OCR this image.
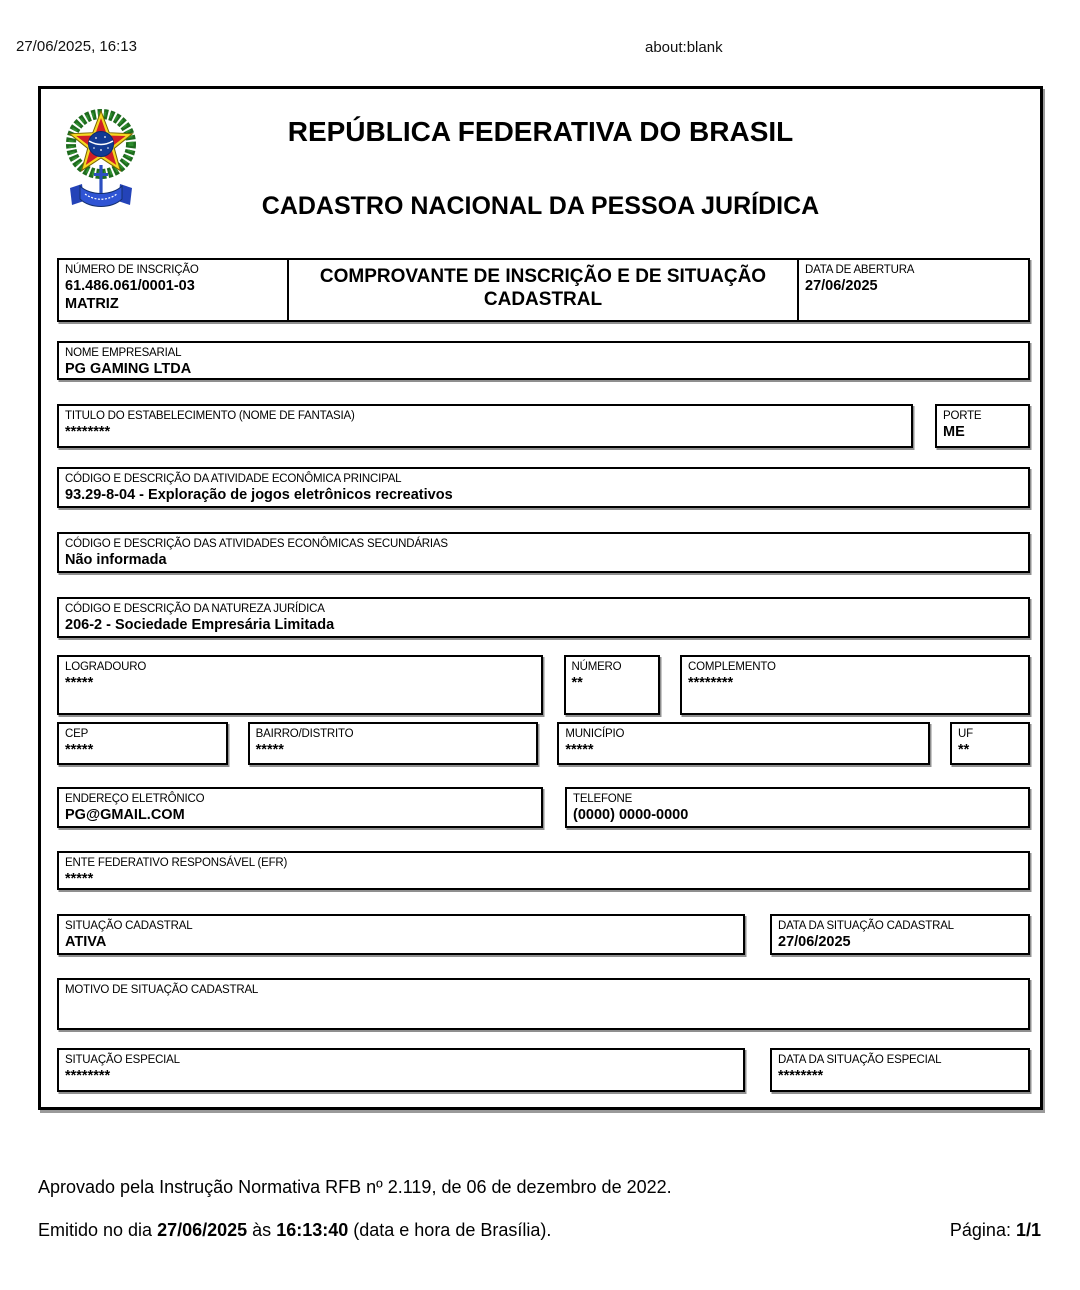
27/06/2025, 16:13	about:blank
REPÚBLICA FEDERATIVA DO BRASIL
CADASTRO NACIONAL DA PESSOA JURÍDICA
NÚMERO DE INSCRIÇÃO
61.486.061/0001-03
MATRIZ
COMPROVANTE DE INSCRIÇÃO E DE SITUAÇÃO CADASTRAL
DATA DE ABERTURA
27/06/2025
NOME EMPRESARIAL
PG GAMING LTDA
TITULO DO ESTABELECIMENTO (NOME DE FANTASIA)
********
PORTE
ME
CÓDIGO E DESCRIÇÃO DA ATIVIDADE ECONÔMICA PRINCIPAL
93.29-8-04 - Exploração de jogos eletrônicos recreativos
CÓDIGO E DESCRIÇÃO DAS ATIVIDADES ECONÔMICAS SECUNDÁRIAS
Não informada
CÓDIGO E DESCRIÇÃO DA NATUREZA JURÍDICA
206-2 - Sociedade Empresária Limitada
LOGRADOURO
*****
NÚMERO
**
COMPLEMENTO
********
CEP
*****
BAIRRO/DISTRITO
*****
MUNICÍPIO
*****
UF
**
ENDEREÇO ELETRÔNICO
PG@GMAIL.COM
TELEFONE
(0000) 0000-0000
ENTE FEDERATIVO RESPONSÁVEL (EFR)
*****
SITUAÇÃO CADASTRAL
ATIVA
DATA DA SITUAÇÃO CADASTRAL
27/06/2025
MOTIVO DE SITUAÇÃO CADASTRAL
SITUAÇÃO ESPECIAL
********
DATA DA SITUAÇÃO ESPECIAL
********
Aprovado pela Instrução Normativa RFB nº 2.119, de 06 de dezembro de 2022.
Emitido no dia 27/06/2025 às 16:13:40 (data e hora de Brasília).	Página: 1/1
